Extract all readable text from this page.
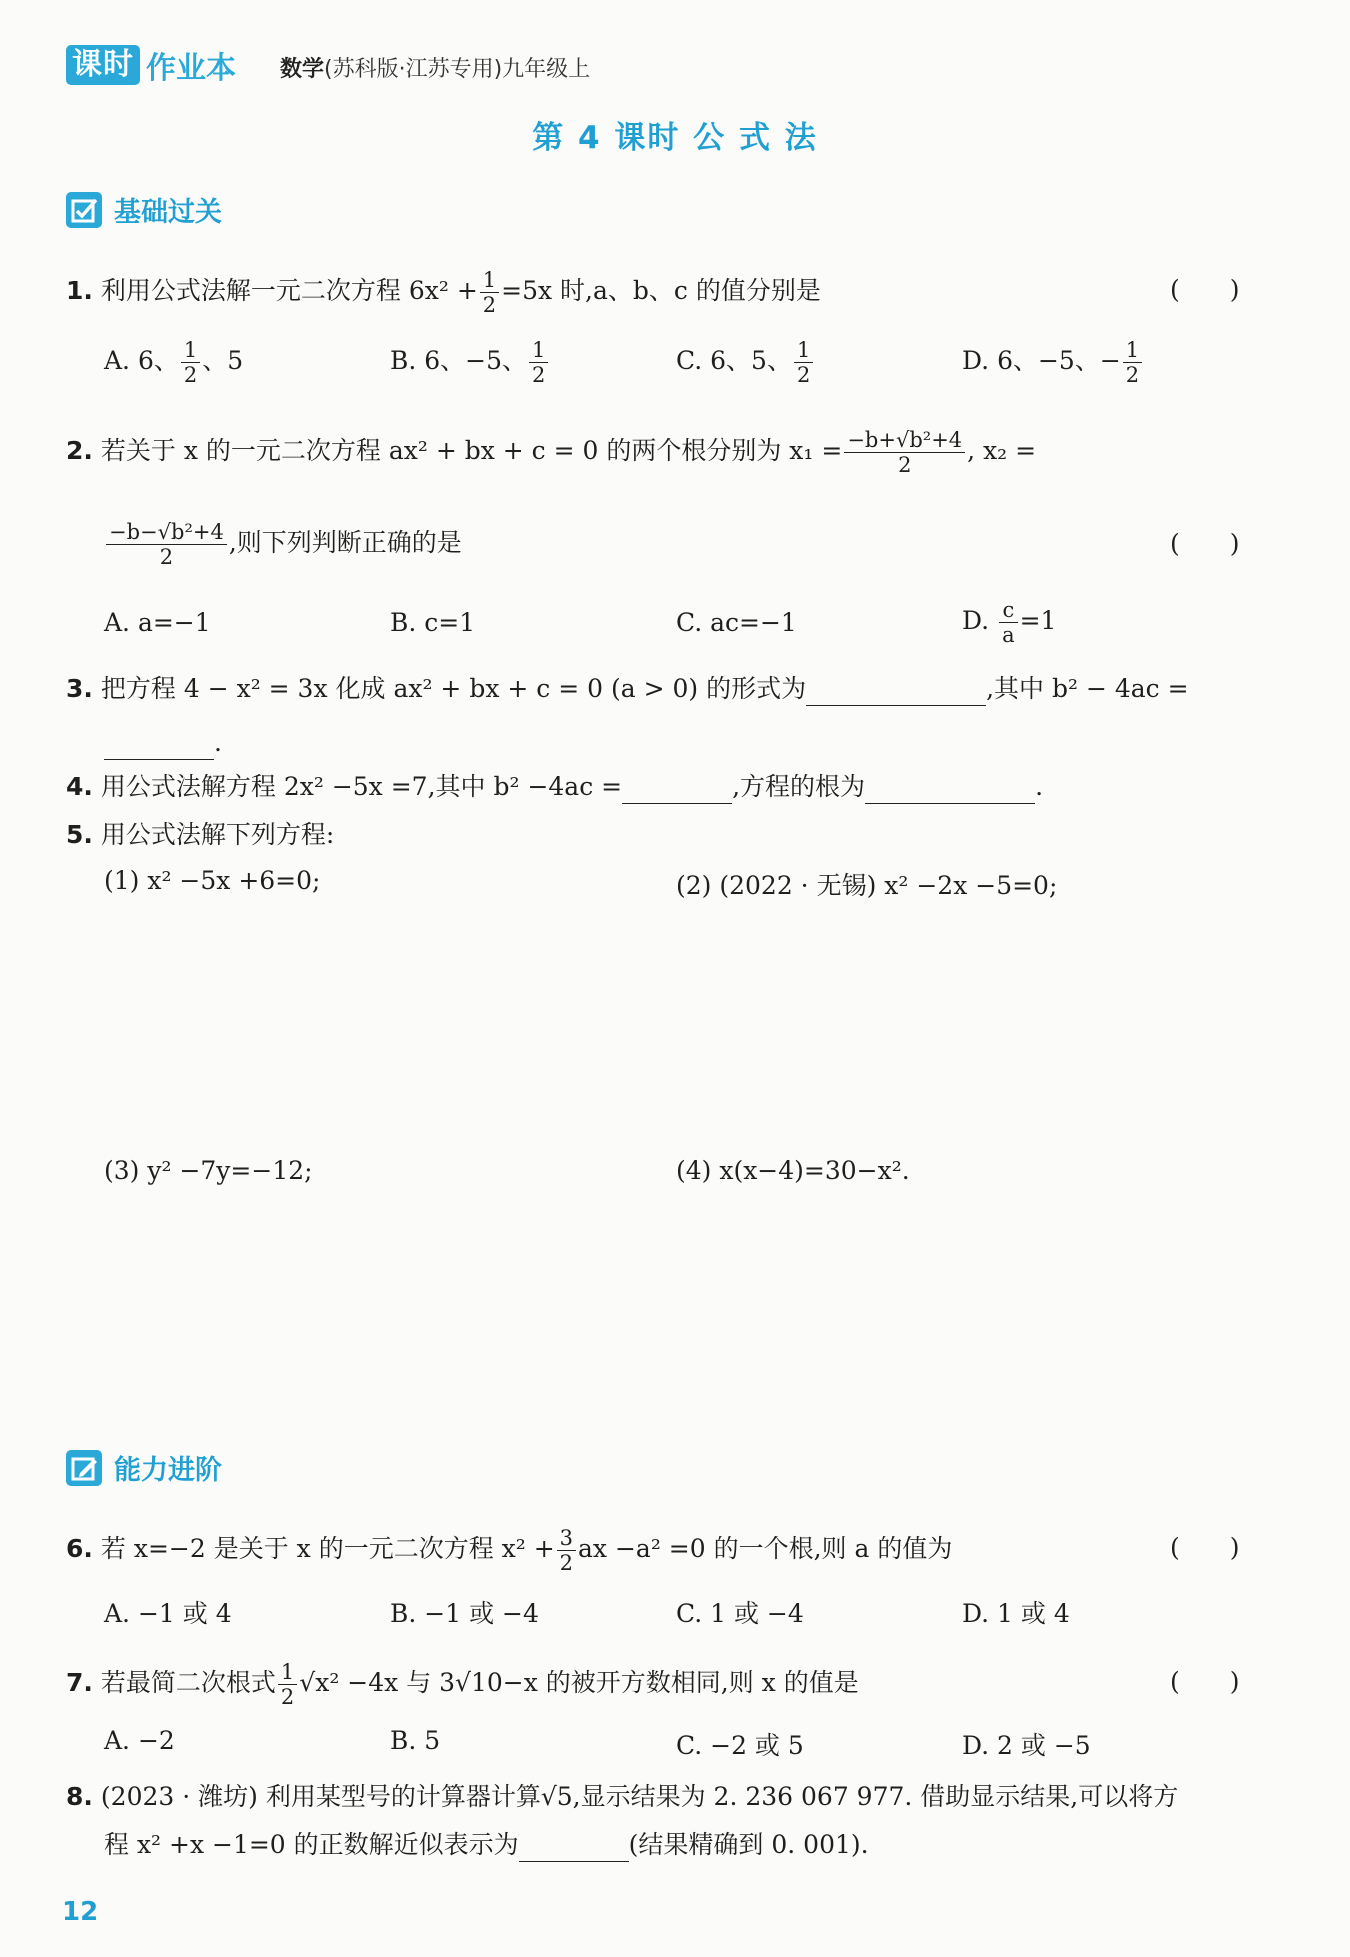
课时 作业本 数学(苏科版·江苏专用)九年级上
第 4 课时 公 式 法
基础过关
1. 利用公式法解一元二次方程 $6x^2 + \frac{1}{2} =5x$ 时,a、b、c 的值分别是	(　　)
A. 6、 $\frac{1}{2}$ 、5	B. 6、−5、 $\frac{1}{2}$	C. 6、5、 $\frac{1}{2}$	D. 6、−5、− $\frac{1}{2}$
2. 若关于 x 的一元二次方程 ax² + bx + c = 0 的两个根分别为 $x_1 = \frac{\text{−b+√b²+4}}{2}$ , x₂ =
$\frac{\text{−b−√b²+4}}{2}$ ,则下列判断正确的是	(　　)
A. a=−1	B. c=1	C. ac=−1	D. $\frac{c}{a} =1$
3. 把方程 4 − x² = 3x 化成 ax² + bx + c = 0 (a > 0) 的形式为	,其中 b² − 4ac =
.
4. 用公式法解方程 2x² −5x =7,其中 b² −4ac =	,方程的根为	.
5. 用公式法解下列方程:
(1) x² −5x +6=0;	(2) (2022 · 无锡) x² −2x −5=0;
(3) y² −7y=−12;	(4) x(x−4)=30−x².
能力进阶
6. 若 x=−2 是关于 x 的一元二次方程 $x^2 + \frac{3}{2}$ ax −a² =0 的一个根,则 a 的值为	(　　)
A. −1 或 4	B. −1 或 −4	C. 1 或 −4	D. 1 或 4
7. 若最简二次根式 $\frac{1}{2} √x^2 -4x$ 与 3√10−x 的被开方数相同,则 x 的值是	(　　)
A. −2	B. 5	C. −2 或 5	D. 2 或 −5
8. (2023 · 潍坊) 利用某型号的计算器计算√5,显示结果为 2. 236 067 977. 借助显示结果,可以将方
程 x² +x −1=0 的正数解近似表示为	(结果精确到 0. 001).
12
